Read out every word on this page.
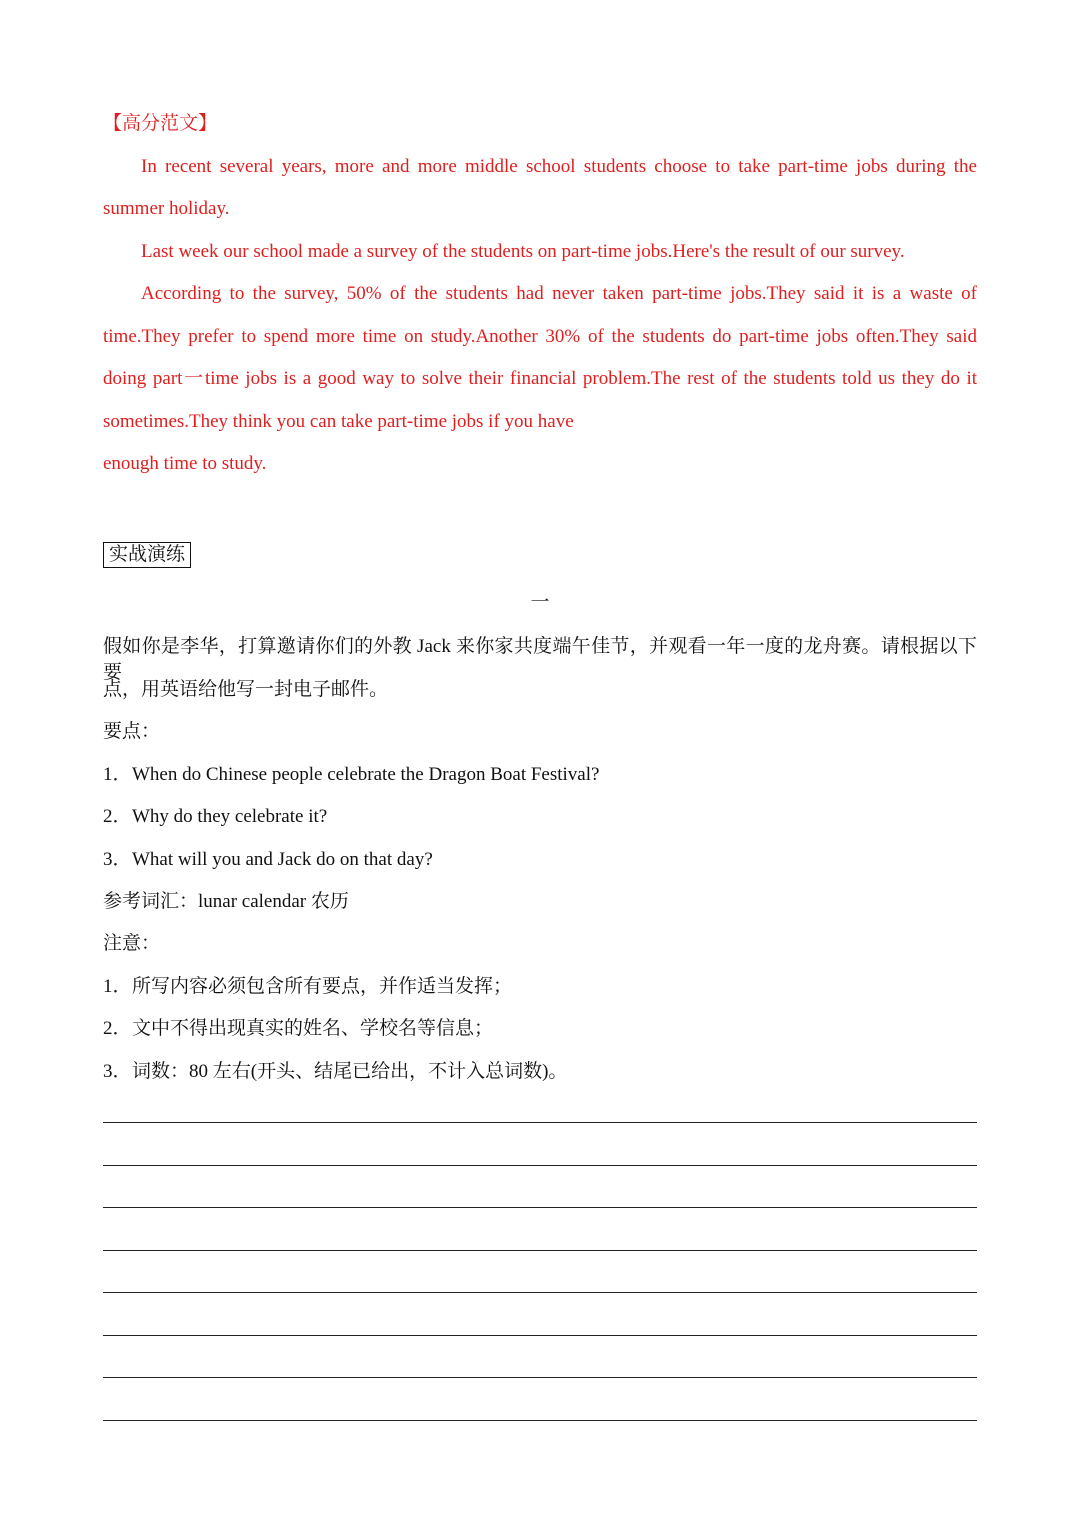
【高分范文】
In recent several years, more and more middle school students choose to take part-time jobs during the
summer holiday.
Last week our school made a survey of the students on part-time jobs.Here's the result of our survey.
According to the survey, 50% of the students had never taken part-time jobs.They said it is a waste of
time.They prefer to spend more time on study.Another 30% of the students do part-time jobs often.They said
doing part一time jobs is a good way to solve their financial problem.The rest of the students told us they do it
sometimes.They think you can take part-time jobs if you have
enough time to study.
实战演练
一
假如你是李华，打算邀请你们的外教 Jack 来你家共度端午佳节，并观看一年一度的龙舟赛。请根据以下要
点，用英语给他写一封电子邮件。
要点：
1．When do Chinese people celebrate the Dragon Boat Festival?
2．Why do they celebrate it?
3．What will you and Jack do on that day?
参考词汇：lunar calendar 农历
注意：
1．所写内容必须包含所有要点，并作适当发挥；
2．文中不得出现真实的姓名、学校名等信息；
3．词数：80 左右(开头、结尾已给出，不计入总词数)。
